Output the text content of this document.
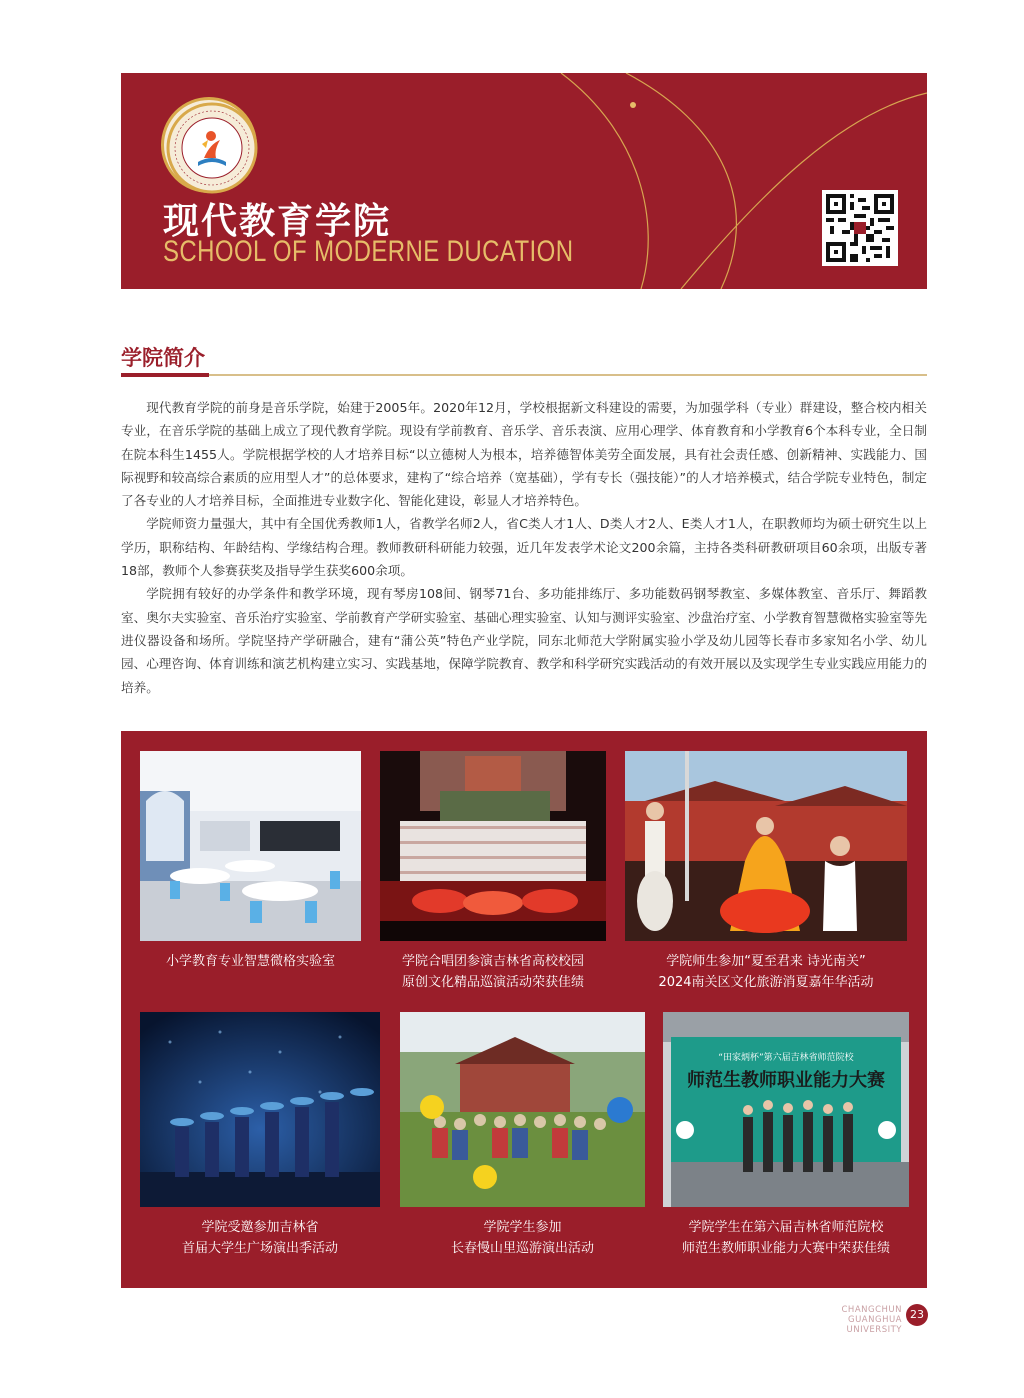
现代教育学院
SCHOOL OF MODERNE DUCATION
学院简介

现代教育学院的前身是音乐学院，始建于2005年。2020年12月，学校根据新文科建设的需要，为加强学科（专业）群建设，整合校内相关专业，在音乐学院的基础上成立了现代教育学院。现设有学前教育、音乐学、音乐表演、应用心理学、体育教育和小学教育6个本科专业，全日制在院本科生1455人。学院根据学校的人才培养目标“以立德树人为根本，培养德智体美劳全面发展，具有社会责任感、创新精神、实践能力、国际视野和较高综合素质的应用型人才”的总体要求，建构了“综合培养（宽基础），学有专长（强技能）”的人才培养模式，结合学院专业特色，制定了各专业的人才培养目标，全面推进专业数字化、智能化建设，彰显人才培养特色。

学院师资力量强大，其中有全国优秀教师1人，省教学名师2人，省C类人才1人、D类人才2人、E类人才1人，在职教师均为硕士研究生以上学历，职称结构、年龄结构、学缘结构合理。教师教研科研能力较强，近几年发表学术论文200余篇，主持各类科研教研项目60余项，出版专著18部，教师个人参赛获奖及指导学生获奖600余项。

学院拥有较好的办学条件和教学环境，现有琴房108间、钢琴71台、多功能排练厅、多功能数码钢琴教室、多媒体教室、音乐厅、舞蹈教室、奥尔夫实验室、音乐治疗实验室、学前教育产学研实验室、基础心理实验室、认知与测评实验室、沙盘治疗室、小学教育智慧微格实验室等先进仪器设备和场所。学院坚持产学研融合，建有“蒲公英”特色产业学院，同东北师范大学附属实验小学及幼儿园等长春市多家知名小学、幼儿园、心理咨询、体育训练和演艺机构建立实习、实践基地，保障学院教育、教学和科学研究实践活动的有效开展以及实现学生专业实践应用能力的培养。

小学教育专业智慧微格实验室	学院合唱团参演吉林省高校校园
原创文化精品巡演活动荣获佳绩
学院师生参加“夏至君来 诗光南关”
2024南关区文化旅游消夏嘉年华活动
学院受邀参加吉林省
首届大学生广场演出季活动
学院学生参加
长春慢山里巡游演出活动
“田家炳杯”第六届吉林省师范院校
师范生教师职业能力大赛
学院学生在第六届吉林省师范院校
师范生教师职业能力大赛中荣获佳绩
CHANGCHUN
GUANGHUA UNIVERSITY
23
